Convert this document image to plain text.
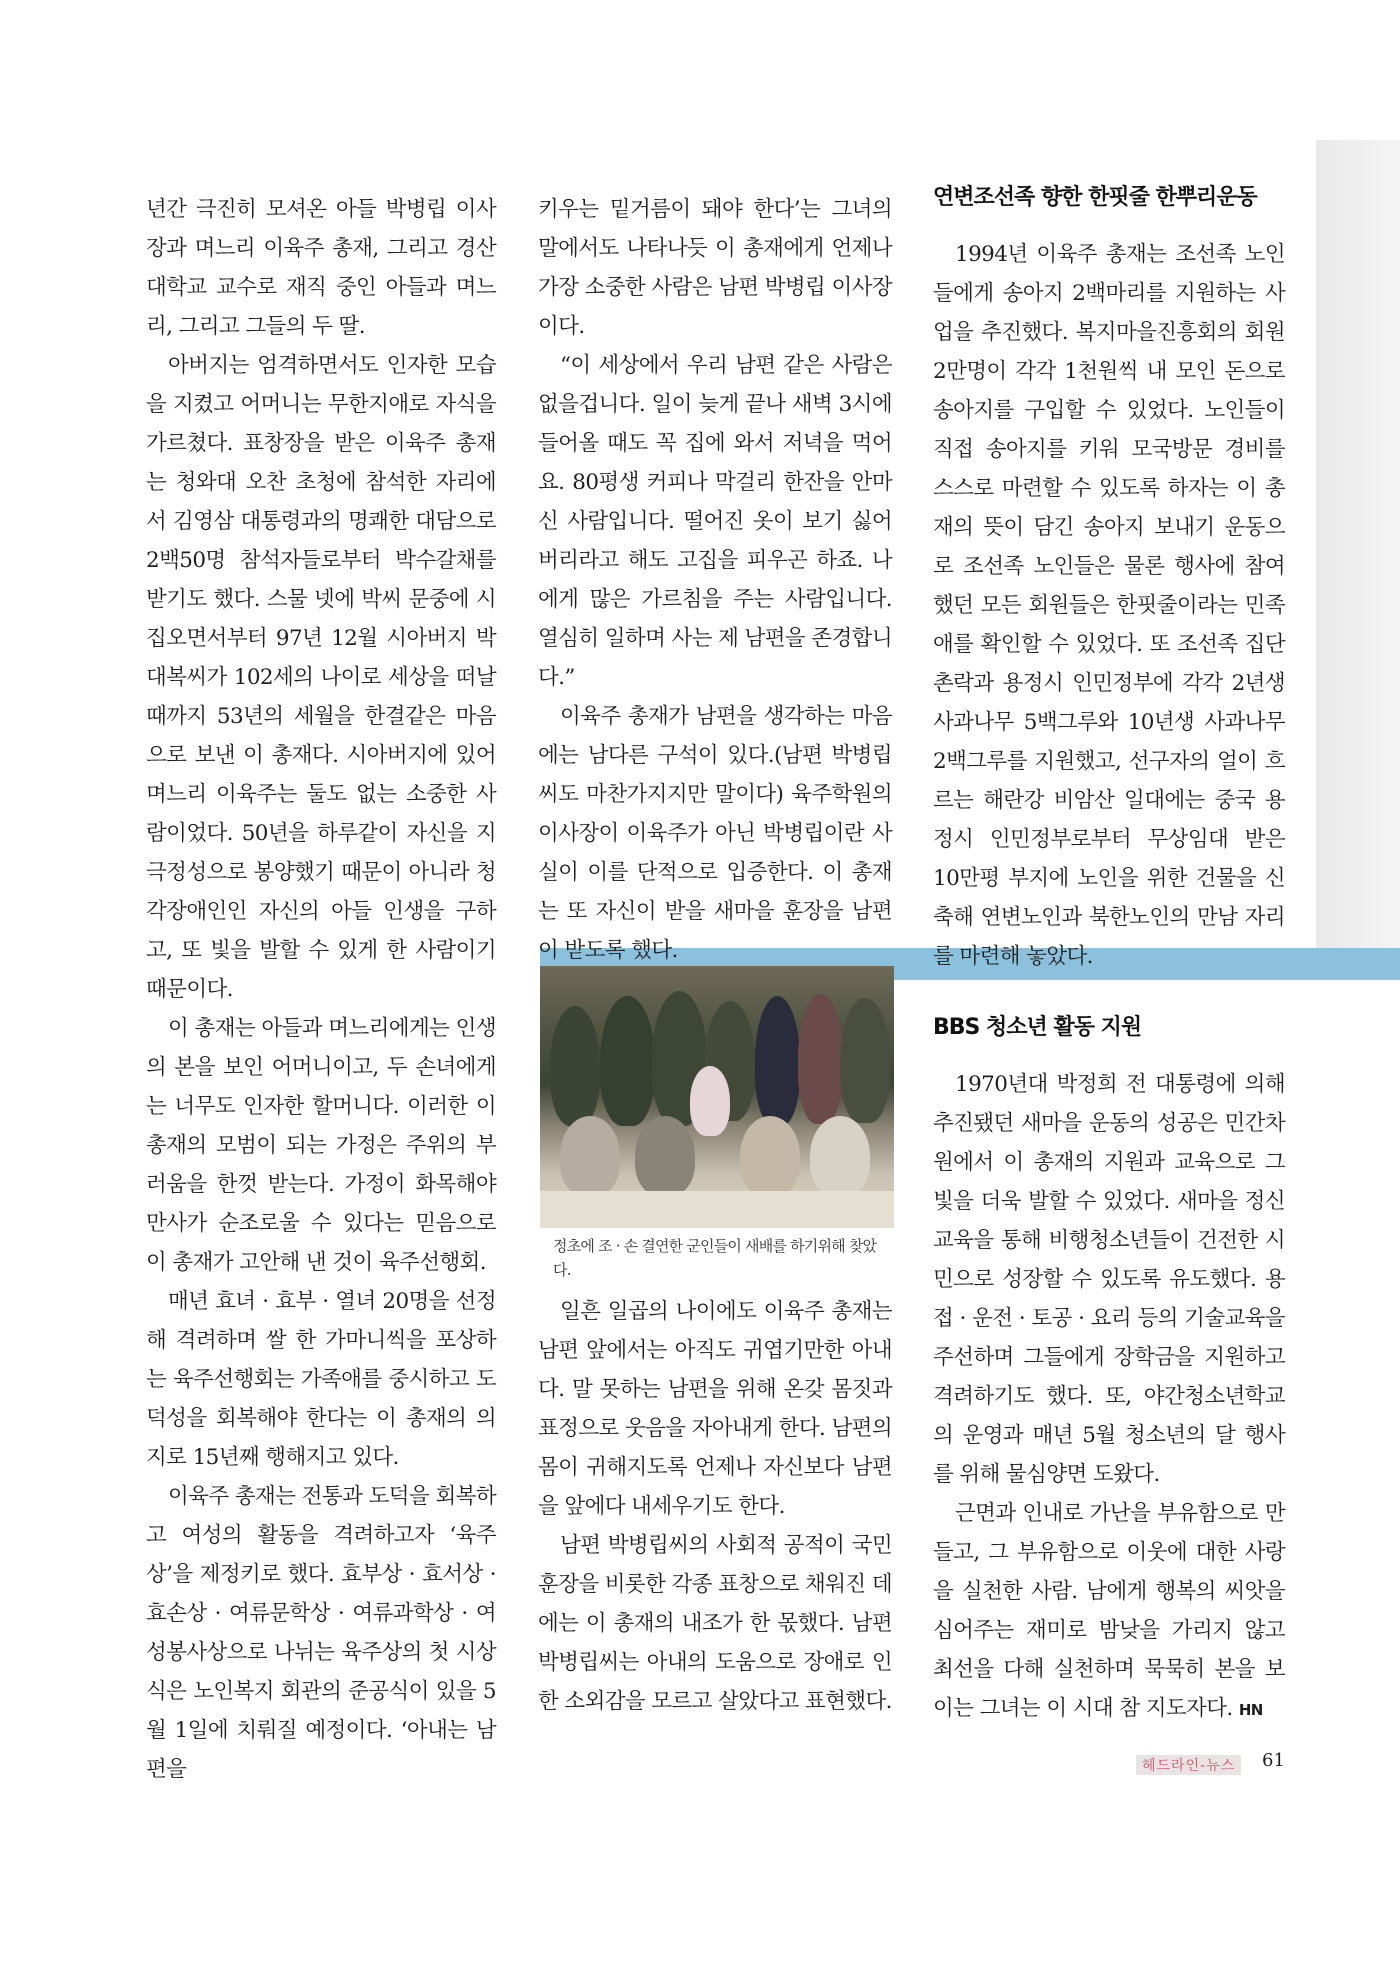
년간 극진히 모셔온 아들 박병립 이사장과 며느리 이육주 총재, 그리고 경산대학교 교수로 재직 중인 아들과 며느리, 그리고 그들의 두 딸.

아버지는 엄격하면서도 인자한 모습을 지켰고 어머니는 무한지애로 자식을 가르쳤다. 표창장을 받은 이육주 총재는 청와대 오찬 초청에 참석한 자리에서 김영삼 대통령과의 명쾌한 대담으로 2백50명 참석자들로부터 박수갈채를 받기도 했다. 스물 넷에 박씨 문중에 시집오면서부터 97년 12월 시아버지 박대복씨가 102세의 나이로 세상을 떠날때까지 53년의 세월을 한결같은 마음으로 보낸 이 총재다. 시아버지에 있어 며느리 이육주는 둘도 없는 소중한 사람이었다. 50년을 하루같이 자신을 지극정성으로 봉양했기 때문이 아니라 청각장애인인 자신의 아들 인생을 구하고, 또 빛을 발할 수 있게 한 사람이기 때문이다.

이 총재는 아들과 며느리에게는 인생의 본을 보인 어머니이고, 두 손녀에게는 너무도 인자한 할머니다. 이러한 이 총재의 모범이 되는 가정은 주위의 부러움을 한껏 받는다. 가정이 화목해야 만사가 순조로울 수 있다는 믿음으로 이 총재가 고안해 낸 것이 육주선행회.

매년 효녀 · 효부 · 열녀 20명을 선정해 격려하며 쌀 한 가마니씩을 포상하는 육주선행회는 가족애를 중시하고 도덕성을 회복해야 한다는 이 총재의 의지로 15년째 행해지고 있다.

이육주 총재는 전통과 도덕을 회복하고 여성의 활동을 격려하고자 ‘육주상’을 제정키로 했다. 효부상 · 효서상 · 효손상 · 여류문학상 · 여류과학상 · 여성봉사상으로 나뉘는 육주상의 첫 시상식은 노인복지 회관의 준공식이 있을 5월 1일에 치뤄질 예정이다. ‘아내는 남편을

키우는 밑거름이 돼야 한다’는 그녀의 말에서도 나타나듯 이 총재에게 언제나 가장 소중한 사람은 남편 박병립 이사장이다.

“이 세상에서 우리 남편 같은 사람은 없을겁니다. 일이 늦게 끝나 새벽 3시에 들어올 때도 꼭 집에 와서 저녁을 먹어요. 80평생 커피나 막걸리 한잔을 안마신 사람입니다. 떨어진 옷이 보기 싫어 버리라고 해도 고집을 피우곤 하죠. 나에게 많은 가르침을 주는 사람입니다. 열심히 일하며 사는 제 남편을 존경합니다.”

이육주 총재가 남편을 생각하는 마음에는 남다른 구석이 있다.(남편 박병립씨도 마찬가지지만 말이다) 육주학원의 이사장이 이육주가 아닌 박병립이란 사실이 이를 단적으로 입증한다. 이 총재는 또 자신이 받을 새마을 훈장을 남편이 받도록 했다.

정초에 조 · 손 결연한 군인들이 새배를 하기위해 찾았다.

일흔 일곱의 나이에도 이육주 총재는 남편 앞에서는 아직도 귀엽기만한 아내다. 말 못하는 남편을 위해 온갖 몸짓과 표정으로 웃음을 자아내게 한다. 남편의 몸이 귀해지도록 언제나 자신보다 남편을 앞에다 내세우기도 한다.

남편 박병립씨의 사회적 공적이 국민훈장을 비롯한 각종 표창으로 채워진 데에는 이 총재의 내조가 한 몫했다. 남편 박병립씨는 아내의 도움으로 장애로 인한 소외감을 모르고 살았다고 표현했다.

연변조선족 향한 한핏줄 한뿌리운동

1994년 이육주 총재는 조선족 노인들에게 송아지 2백마리를 지원하는 사업을 추진했다. 복지마을진흥회의 회원 2만명이 각각 1천원씩 내 모인 돈으로 송아지를 구입할 수 있었다. 노인들이 직접 송아지를 키워 모국방문 경비를 스스로 마련할 수 있도록 하자는 이 총재의 뜻이 담긴 송아지 보내기 운동으로 조선족 노인들은 물론 행사에 참여했던 모든 회원들은 한핏줄이라는 민족애를 확인할 수 있었다. 또 조선족 집단촌락과 용정시 인민정부에 각각 2년생 사과나무 5백그루와 10년생 사과나무 2백그루를 지원했고, 선구자의 얼이 흐르는 해란강 비암산 일대에는 중국 용정시 인민정부로부터 무상임대 받은 10만평 부지에 노인을 위한 건물을 신축해 연변노인과 북한노인의 만남 자리를 마련해 놓았다.

BBS 청소년 활동 지원

1970년대 박정희 전 대통령에 의해 추진됐던 새마을 운동의 성공은 민간차원에서 이 총재의 지원과 교육으로 그 빛을 더욱 발할 수 있었다. 새마을 정신교육을 통해 비행청소년들이 건전한 시민으로 성장할 수 있도록 유도했다. 용접 · 운전 · 토공 · 요리 등의 기술교육을 주선하며 그들에게 장학금을 지원하고 격려하기도 했다. 또, 야간청소년학교의 운영과 매년 5월 청소년의 달 행사를 위해 물심양면 도왔다.

근면과 인내로 가난을 부유함으로 만들고, 그 부유함으로 이웃에 대한 사랑을 실천한 사람. 남에게 행복의 씨앗을 심어주는 재미로 밤낮을 가리지 않고 최선을 다해 실천하며 묵묵히 본을 보이는 그녀는 이 시대 참 지도자다. HN

헤드라인-뉴스	61
